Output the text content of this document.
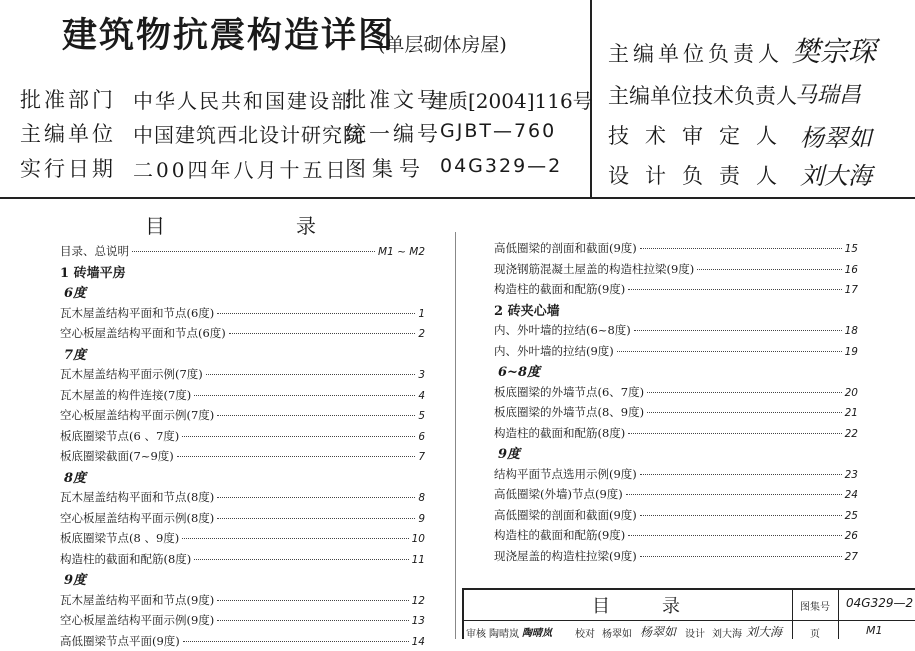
建筑物抗震构造详图
(单层砌体房屋)
批准部门 中华人民共和国建设部
批准文号
建质[2004]116号
主编单位 中国建筑西北设计研究院
统一编号 GJBT—760
实行日期 二00四年八月十五日
图集号 04G329—2
主编单位负责人 樊宗琛
主编单位技术负责人
马瑞昌
技术审定人 杨翠如
设计负责人 刘大海
目	录
目录、总说明	M1 ~ M2
1 砖墙平房
6度
瓦木屋盖结构平面和节点(6度)	1
空心板屋盖结构平面和节点(6度)	2
7度
瓦木屋盖结构平面示例(7度)	3
瓦木屋盖的构件连接(7度)	4
空心板屋盖结构平面示例(7度)	5
板底圈梁节点(6 、7度)	6
板底圈梁截面(7~9度)	7
8度
瓦木屋盖结构平面和节点(8度)	8
空心板屋盖结构平面示例(8度)	9
板底圈梁节点(8 、9度)	10
构造柱的截面和配筋(8度)	11
9度
瓦木屋盖结构平面和节点(9度)	12
空心板屋盖结构平面示例(9度)	13
高低圈梁节点平面(9度)	14
高低圈梁的剖面和截面(9度)	15
现浇钢筋混凝土屋盖的构造柱拉梁(9度)	16
构造柱的截面和配筋(9度)	17
2 砖夹心墙
内、外叶墙的拉结(6~8度)	18
内、外叶墙的拉结(9度)	19
6~8度
板底圈梁的外墙节点(6、7度)	20
板底圈梁的外墙节点(8、9度)	21
构造柱的截面和配筋(8度)	22
9度
结构平面节点选用示例(9度)	23
高低圈梁(外墙)节点(9度)	24
高低圈梁的剖面和截面(9度)	25
构造柱的截面和配筋(9度)	26
现浇屋盖的构造柱拉梁(9度)	27
目	录	图集号 04G329—2
审核 陶晴岚 陶晴岚 校对 杨翠如 杨翠如 设计 刘大海 刘大海	页	M1
